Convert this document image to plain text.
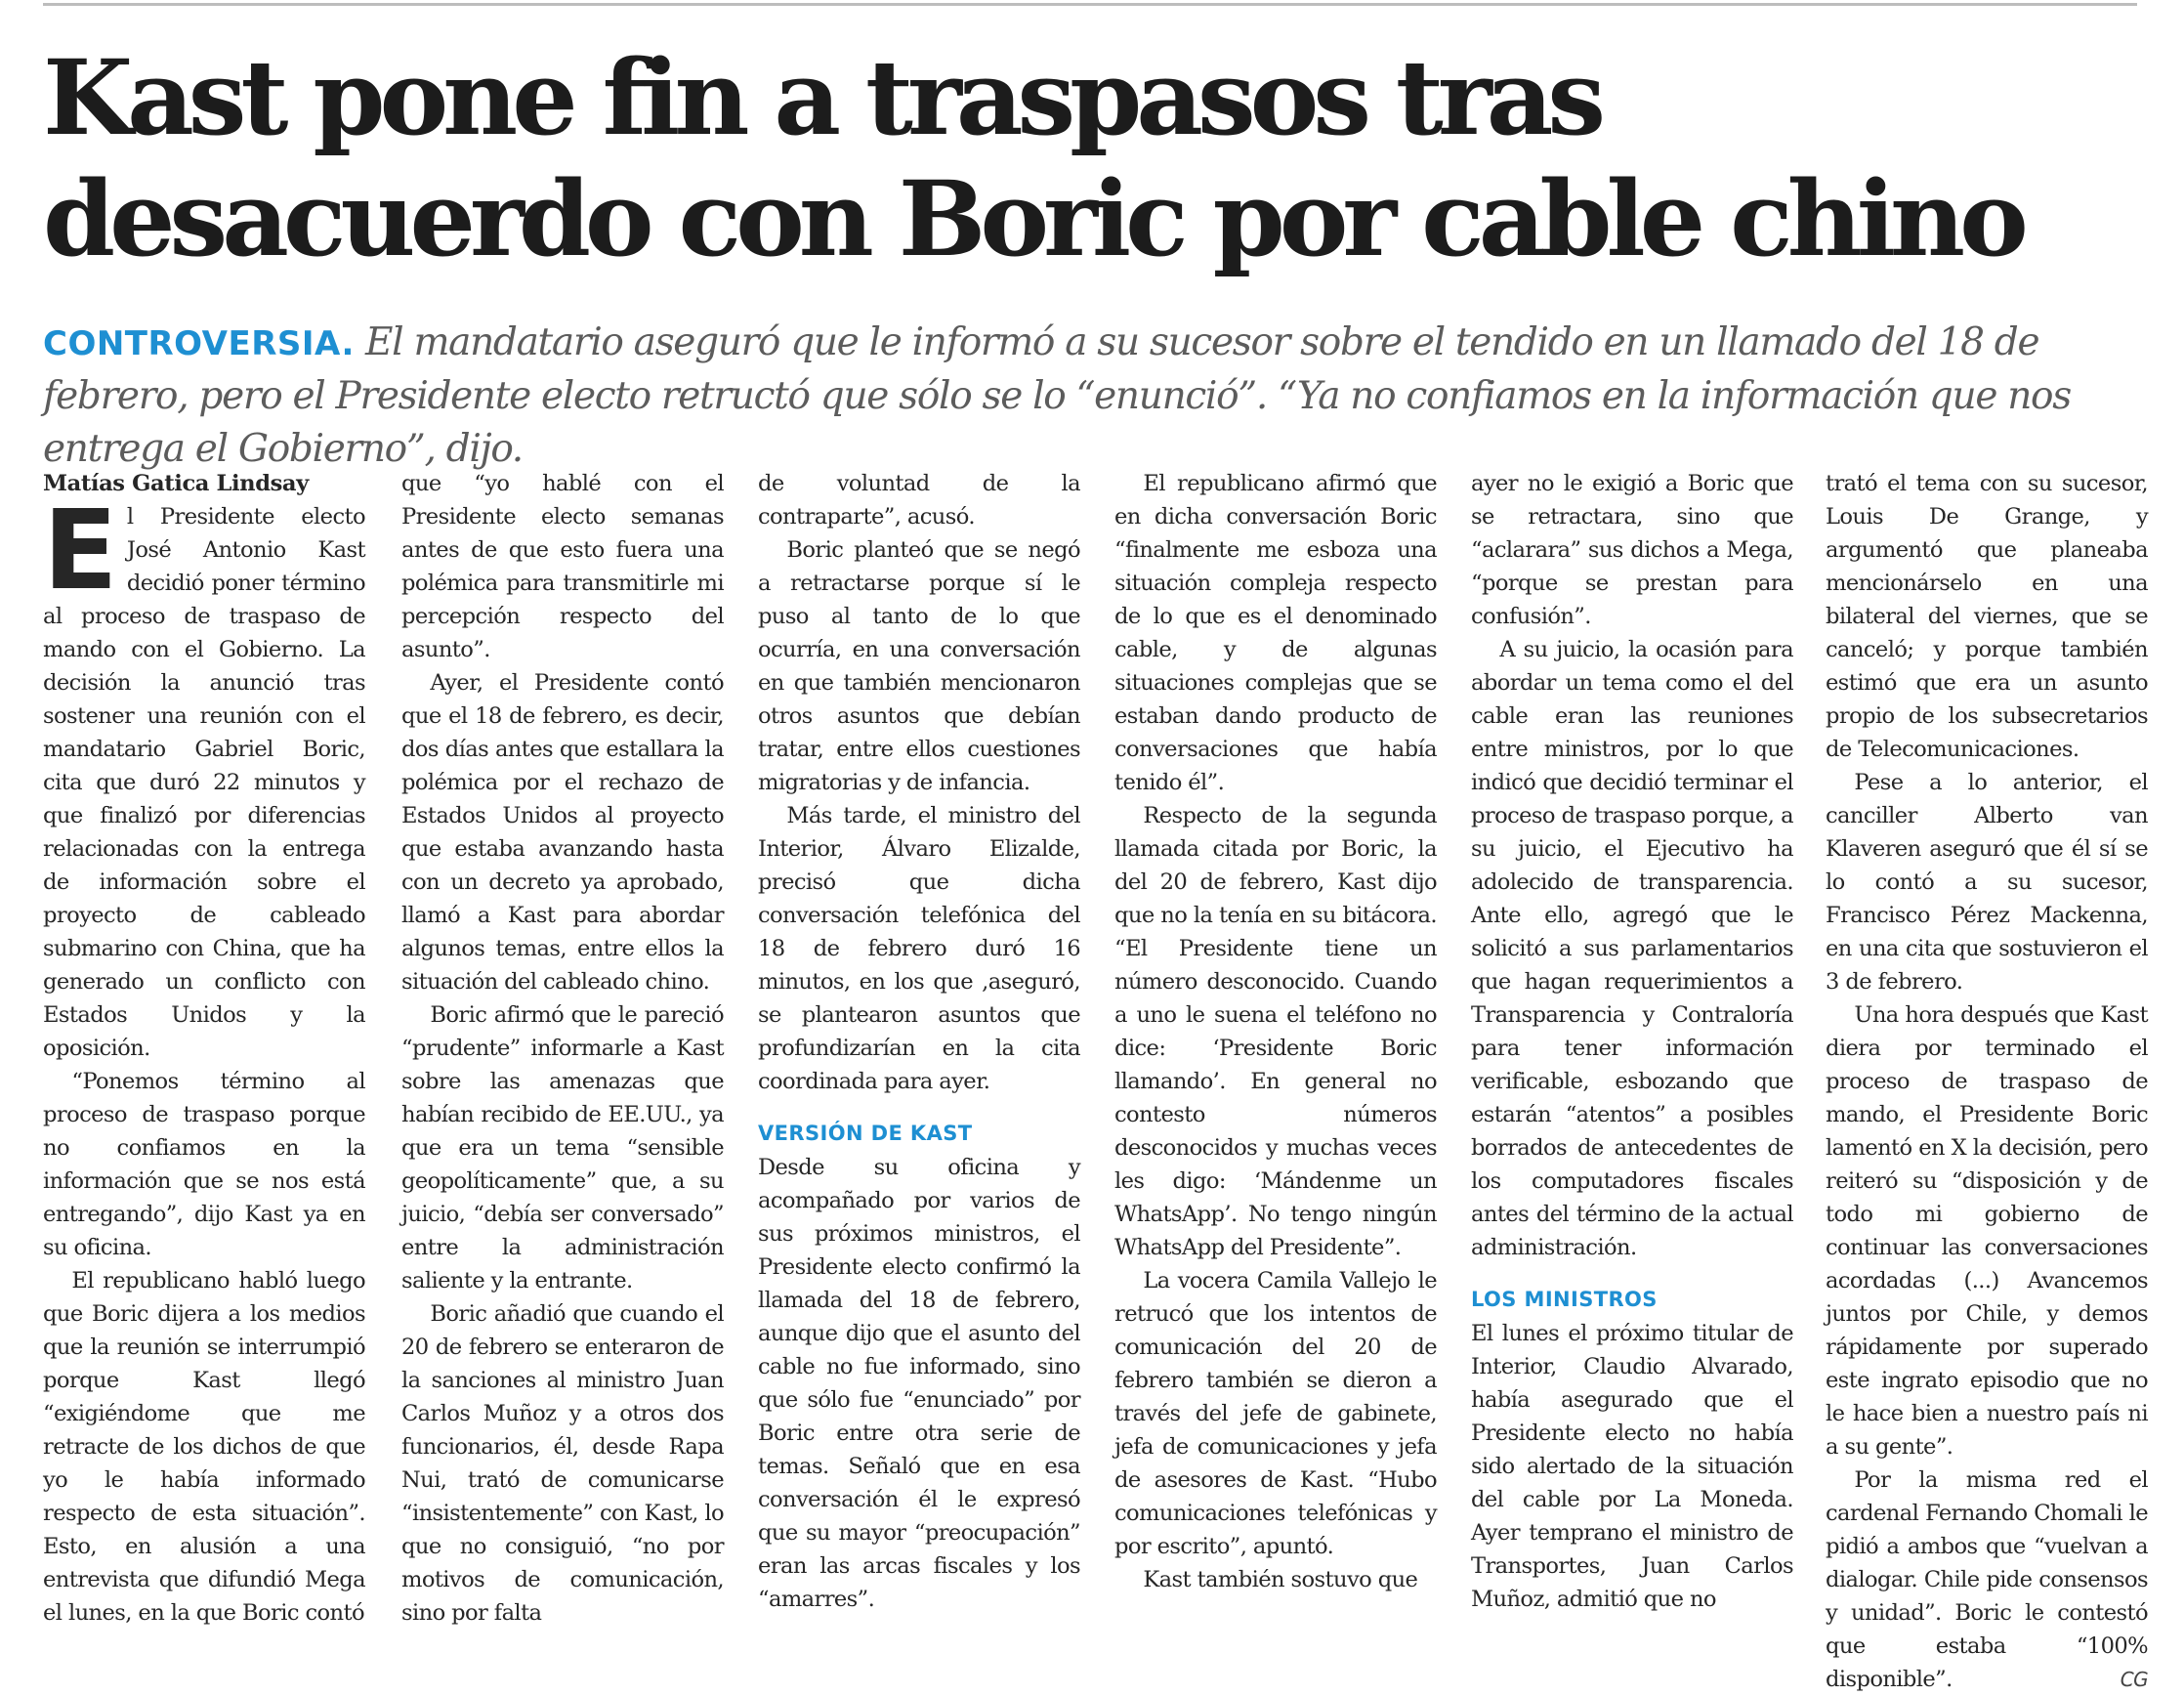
Kast pone fin a traspasos tras
desacuerdo con Boric por cable chino

CONTROVERSIA. El mandatario aseguró que le informó a su sucesor sobre el tendido en un llamado del 18 de febrero, pero el Presidente electo retructó que sólo se lo “enunció”. “Ya no confiamos en la información que nos entrega el Gobierno”, dijo.

Matías Gatica Lindsay

El Presidente electo José Antonio Kast decidió poner término al proceso de traspaso de mando con el Gobierno. La decisión la anunció tras sostener una reunión con el mandatario Gabriel Boric, cita que duró 22 minutos y que finalizó por diferencias relacionadas con la entrega de información sobre el proyecto de cableado submarino con China, que ha generado un conflicto con Estados Unidos y la oposición.

“Ponemos término al proceso de traspaso porque no confiamos en la información que se nos está entregando”, dijo Kast ya en su oficina.

El republicano habló luego que Boric dijera a los medios que la reunión se interrumpió porque Kast llegó “exigiéndome que me retracte de los dichos de que yo le había informado respecto de esta situación”. Esto, en alusión a una entrevista que difundió Mega el lunes, en la que Boric contó

que “yo hablé con el Presidente electo semanas antes de que esto fuera una polémica para transmitirle mi percepción respecto del asunto”.

Ayer, el Presidente contó que el 18 de febrero, es decir, dos días antes que estallara la polémica por el rechazo de Estados Unidos al proyecto que estaba avanzando hasta con un decreto ya aprobado, llamó a Kast para abordar algunos temas, entre ellos la situación del cableado chino.

Boric afirmó que le pareció “prudente” informarle a Kast sobre las amenazas que habían recibido de EE.UU., ya que era un tema “sensible geopolíticamente” que, a su juicio, “debía ser conversado” entre la administración saliente y la entrante.

Boric añadió que cuando el 20 de febrero se enteraron de la sanciones al ministro Juan Carlos Muñoz y a otros dos funcionarios, él, desde Rapa Nui, trató de comunicarse “insistentemente” con Kast, lo que no consiguió, “no por motivos de comunicación, sino por falta

de voluntad de la contraparte”, acusó.

Boric planteó que se negó a retractarse porque sí le puso al tanto de lo que ocurría, en una conversación en que también mencionaron otros asuntos que debían tratar, entre ellos cuestiones migratorias y de infancia.

Más tarde, el ministro del Interior, Álvaro Elizalde, precisó que dicha conversación telefónica del 18 de febrero duró 16 minutos, en los que ,aseguró, se plantearon asuntos que profundizarían en la cita coordinada para ayer.

VERSIÓN DE KAST

Desde su oficina y acompañado por varios de sus próximos ministros, el Presidente electo confirmó la llamada del 18 de febrero, aunque dijo que el asunto del cable no fue informado, sino que sólo fue “enunciado” por Boric entre otra serie de temas. Señaló que en esa conversación él le expresó que su mayor “preocupación” eran las arcas fiscales y los “amarres”.

El republicano afirmó que en dicha conversación Boric “finalmente me esboza una situación compleja respecto de lo que es el denominado cable, y de algunas situaciones complejas que se estaban dando producto de conversaciones que había tenido él”.

Respecto de la segunda llamada citada por Boric, la del 20 de febrero, Kast dijo que no la tenía en su bitácora. “El Presidente tiene un número desconocido. Cuando a uno le suena el teléfono no dice: ‘Presidente Boric llamando’. En general no contesto números desconocidos y muchas veces les digo: ‘Mándenme un WhatsApp’. No tengo ningún WhatsApp del Presidente”.

La vocera Camila Vallejo le retrucó que los intentos de comunicación del 20 de febrero también se dieron a través del jefe de gabinete, jefa de comunicaciones y jefa de asesores de Kast. “Hubo comunicaciones telefónicas y por escrito”, apuntó.

Kast también sostuvo que

ayer no le exigió a Boric que se retractara, sino que “aclarara” sus dichos a Mega, “porque se prestan para confusión”.

A su juicio, la ocasión para abordar un tema como el del cable eran las reuniones entre ministros, por lo que indicó que decidió terminar el proceso de traspaso porque, a su juicio, el Ejecutivo ha adolecido de transparencia. Ante ello, agregó que le solicitó a sus parlamentarios que hagan requerimientos a Transparencia y Contraloría para tener información verificable, esbozando que estarán “atentos” a posibles borrados de antecedentes de los computadores fiscales antes del término de la actual administración.

LOS MINISTROS

El lunes el próximo titular de Interior, Claudio Alvarado, había asegurado que el Presidente electo no había sido alertado de la situación del cable por La Moneda. Ayer temprano el ministro de Transportes, Juan Carlos Muñoz, admitió que no

trató el tema con su sucesor, Louis De Grange, y argumentó que planeaba mencionárselo en una bilateral del viernes, que se canceló; y porque también estimó que era un asunto propio de los subsecretarios de Telecomunicaciones.

Pese a lo anterior, el canciller Alberto van Klaveren aseguró que él sí se lo contó a su sucesor, Francisco Pérez Mackenna, en una cita que sostuvieron el 3 de febrero.

Una hora después que Kast diera por terminado el proceso de traspaso de mando, el Presidente Boric lamentó en X la decisión, pero reiteró su “disposición y de todo mi gobierno de continuar las conversaciones acordadas (...) Avancemos juntos por Chile, y demos rápidamente por superado este ingrato episodio que no le hace bien a nuestro país ni a su gente”.

Por la misma red el cardenal Fernando Chomali le pidió a ambos que “vuelvan a dialogar. Chile pide consensos y unidad”. Boric le contestó que estaba “100% disponible”.	CG
